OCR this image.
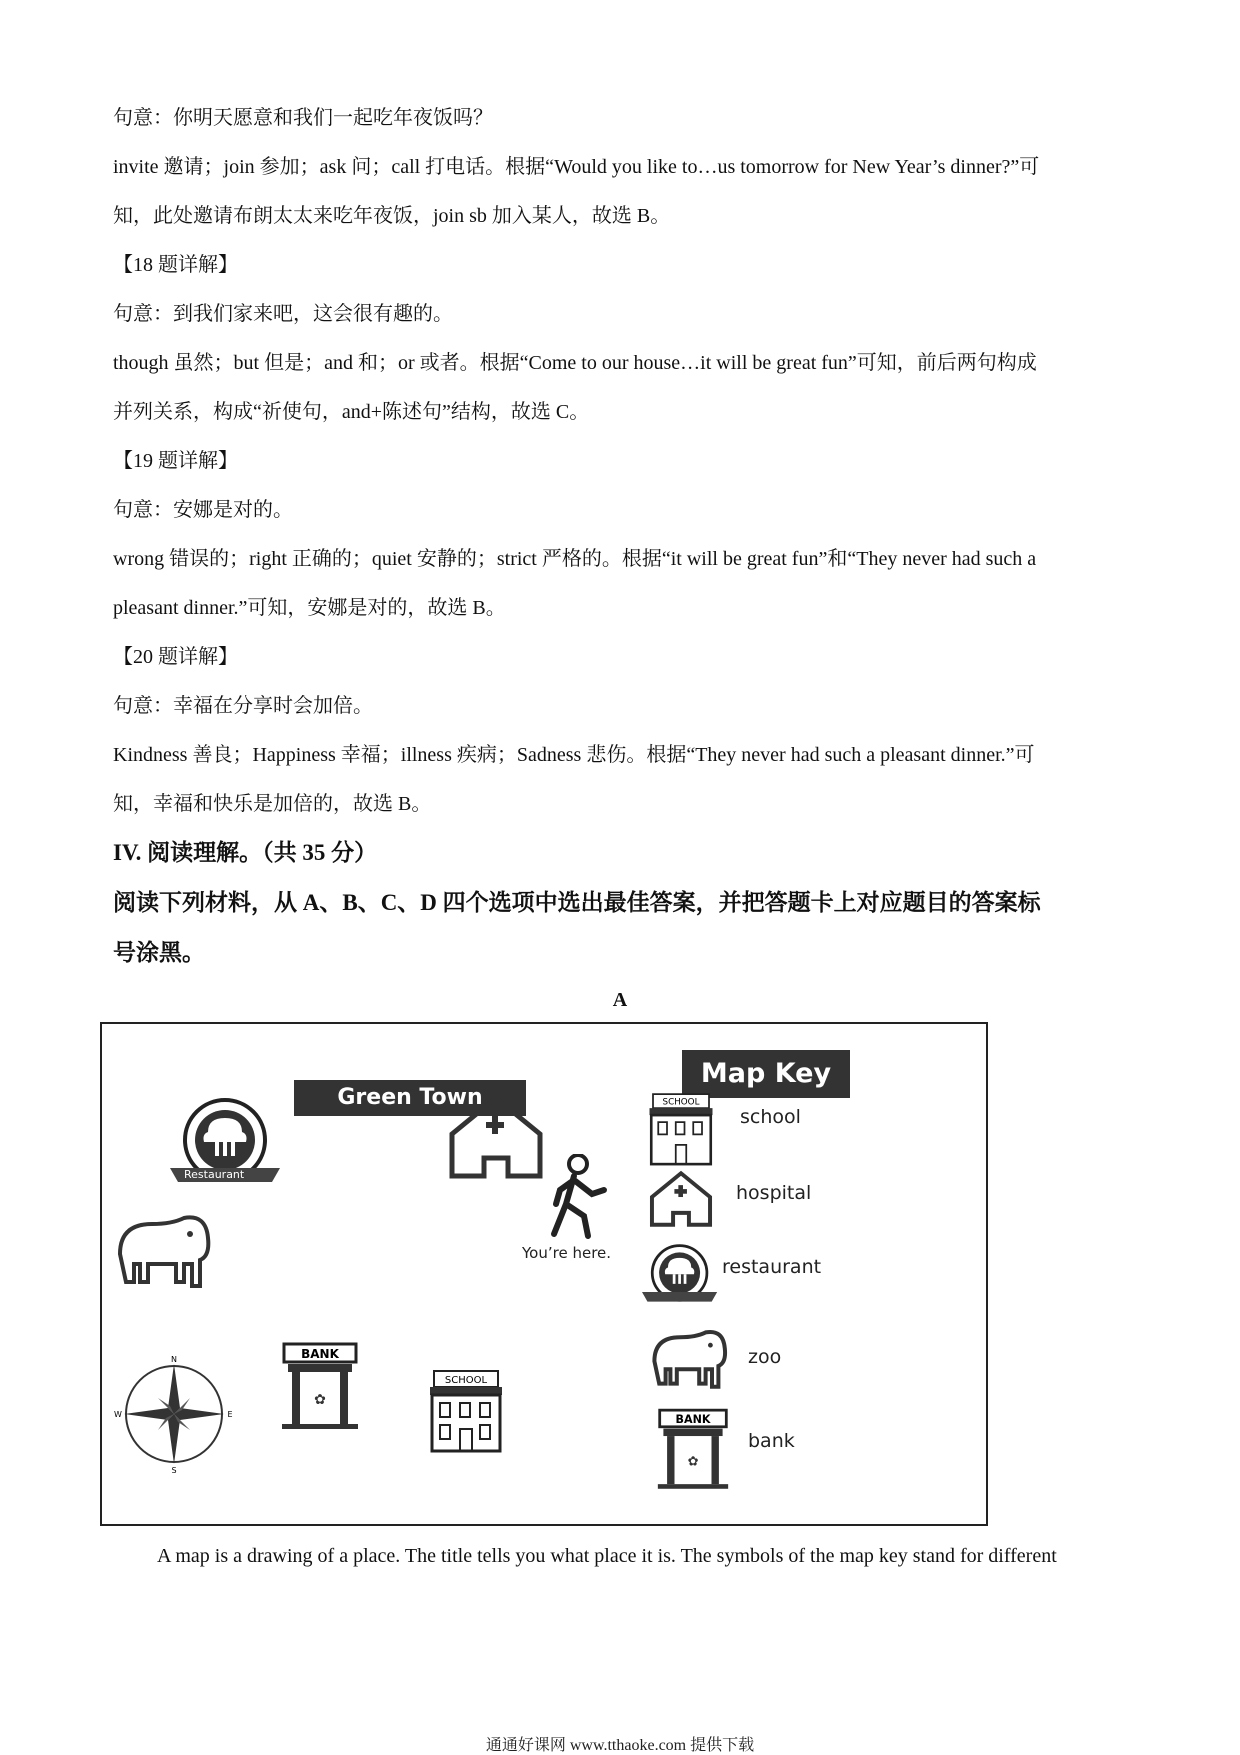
句意：你明天愿意和我们一起吃年夜饭吗？
invite 邀请；join 参加；ask 问；call 打电话。根据“Would you like to…us tomorrow for New Year’s dinner?”可
知，此处邀请布朗太太来吃年夜饭，join sb 加入某人，故选 B。
【18 题详解】
句意：到我们家来吧，这会很有趣的。
though 虽然；but 但是；and 和；or 或者。根据“Come to our house…it will be great fun”可知，前后两句构成
并列关系，构成“祈使句，and+陈述句”结构，故选 C。
【19 题详解】
句意：安娜是对的。
wrong 错误的；right 正确的；quiet 安静的；strict 严格的。根据“it will be great fun”和“They never had such a
pleasant dinner.”可知，安娜是对的，故选 B。
【20 题详解】
句意：幸福在分享时会加倍。
Kindness 善良；Happiness 幸福；illness 疾病；Sadness 悲伤。根据“They never had such a pleasant dinner.”可
知，幸福和快乐是加倍的，故选 B。
IV. 阅读理解。（共 35 分）
阅读下列材料，从 A、B、C、D 四个选项中选出最佳答案，并把答题卡上对应题目的答案标
号涂黑。
A
Green Town
Map Key
Restaurant
You’re here.
N
S
W	E
BANK
✿
SCHOOL
SCHOOL
school
hospital
restaurant
zoo
BANK
✿
bank
A map is a drawing of a place. The title tells you what place it is. The symbols of the map key stand for different
通通好课网 www.tthaoke.com 提供下载
